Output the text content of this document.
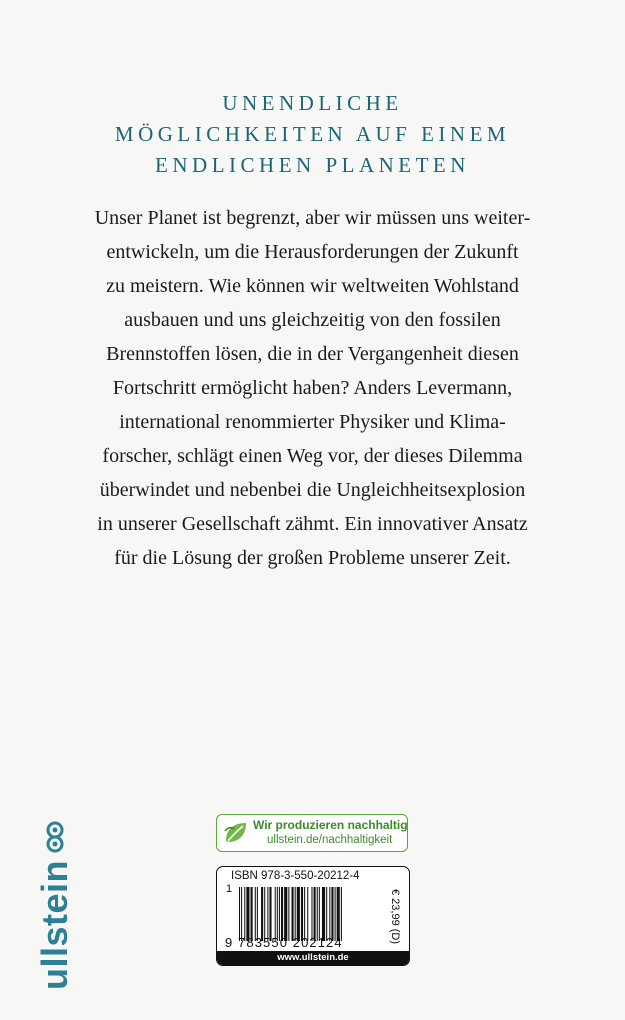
UNENDLICHE
MÖGLICHKEITEN AUF EINEM
ENDLICHEN PLANETEN
Unser Planet ist begrenzt, aber wir müssen uns weiter-
entwickeln, um die Herausforderungen der Zukunft
zu meistern. Wie können wir weltweiten Wohlstand
ausbauen und uns gleichzeitig von den fossilen
Brennstoffen lösen, die in der Vergangenheit diesen
Fortschritt ermöglicht haben? Anders Levermann,
international renommierter Physiker und Klima-
forscher, schlägt einen Weg vor, der dieses Dilemma
überwindet und nebenbei die Ungleichheitsexplosion
in unserer Gesellschaft zähmt. Ein innovativer Ansatz
für die Lösung der großen Probleme unserer Zeit.
ullstein
Wir produzieren nachhaltig
ullstein.de/nachhaltigkeit
ISBN 978-3-550-20212-4
1
9 783550 202124	€ 23,99 (D)
www.ullstein.de
